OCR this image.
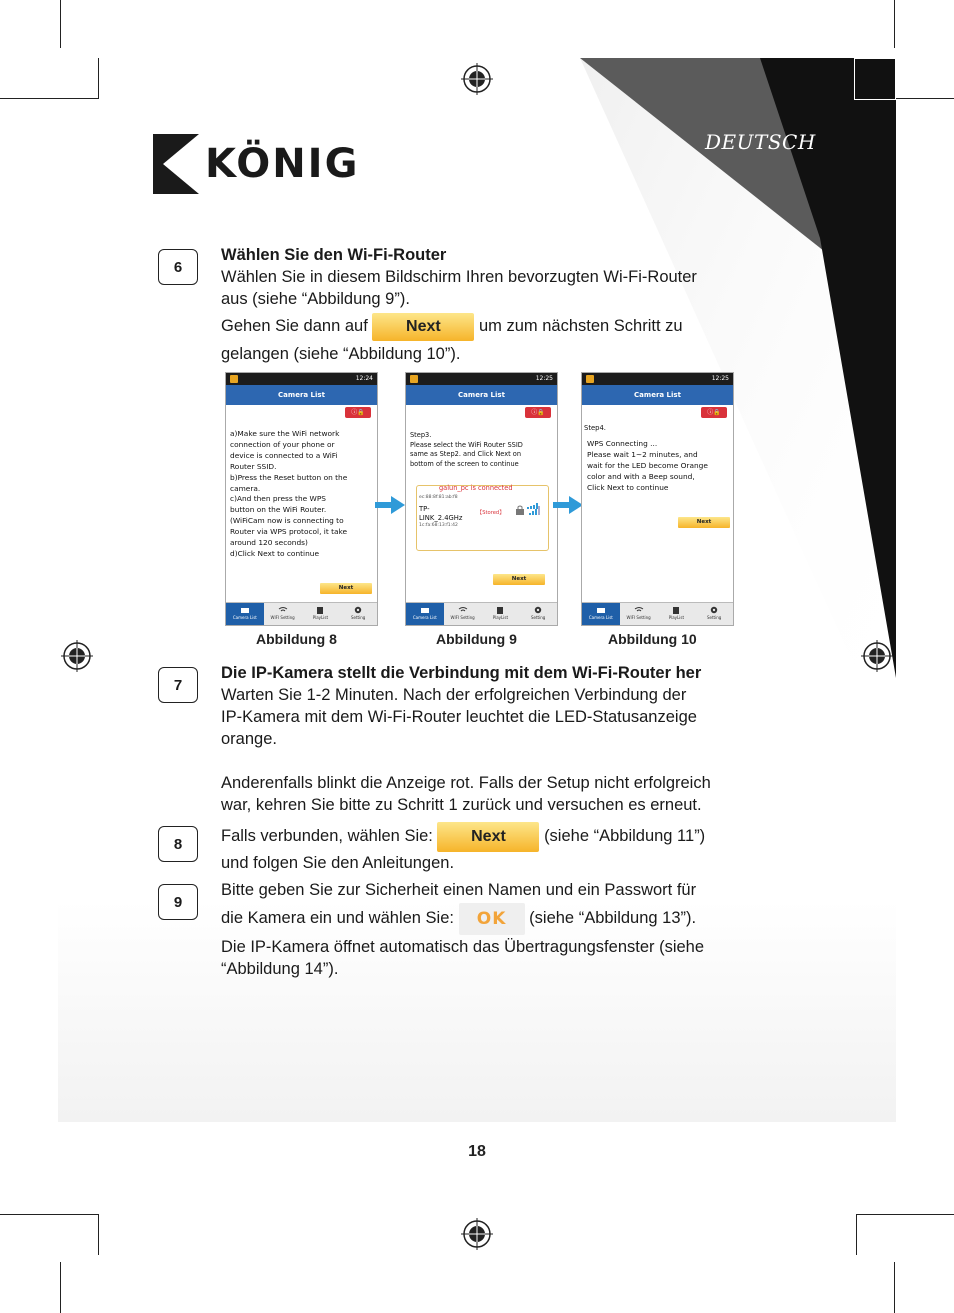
DEUTSCH
KÖNIG
6
Wählen Sie den Wi-Fi-Router
Wählen Sie in diesem Bildschirm Ihren bevorzugten Wi-Fi-Router
aus (siehe “Abbildung 9”).
Gehen Sie dann auf Next um zum nächsten Schritt zu
gelangen (siehe “Abbildung 10”).
12:24
Camera List
ⓘ🔒
a)Make sure the WiFi network
connection of your phone or
device is connected to a WiFi
Router SSID.
b)Press the Reset button on the
camera.
c)And then press the WPS
button on the WiFi Router.
(WiFiCam now is connecting to
Router via WPS protocol, it take
around 120 seconds)
d)Click Next to continue
Next
Camera List	WIFI Setting	PlayList	Setting
12:25
Camera List
ⓘ🔒
Step3.
Please select the WiFi Router SSID
same as Step2. and Click Next on
bottom of the screen to continue
galun_pc is connected
ec:88:8f:81:ab:f8
TP-
LINK_2.4GHz
【Stored】
1c:fa:68:13:f1:42
Next
Camera List	WIFI Setting	PlayList	Setting
12:25
Camera List
ⓘ🔒
Step4.
WPS Connecting ...
Please wait 1~2 minutes, and
wait for the LED become Orange
color and with a Beep sound,
Click Next to continue
Next
Camera List	WIFI Setting	PlayList	Setting
Abbildung 8	Abbildung 9	Abbildung 10
7
Die IP-Kamera stellt die Verbindung mit dem Wi-Fi-Router her
Warten Sie 1-2 Minuten. Nach der erfolgreichen Verbindung der
IP-Kamera mit dem Wi-Fi-Router leuchtet die LED-Statusanzeige
orange.
Anderenfalls blinkt die Anzeige rot. Falls der Setup nicht erfolgreich
war, kehren Sie bitte zu Schritt 1 zurück und versuchen es erneut.
8	Falls verbunden, wählen Sie: Next (siehe “Abbildung 11”)
und folgen Sie den Anleitungen.
9
Bitte geben Sie zur Sicherheit einen Namen und ein Passwort für
die Kamera ein und wählen Sie: OK (siehe “Abbildung 13”).
Die IP-Kamera öffnet automatisch das Übertragungsfenster (siehe
“Abbildung 14”).
18
